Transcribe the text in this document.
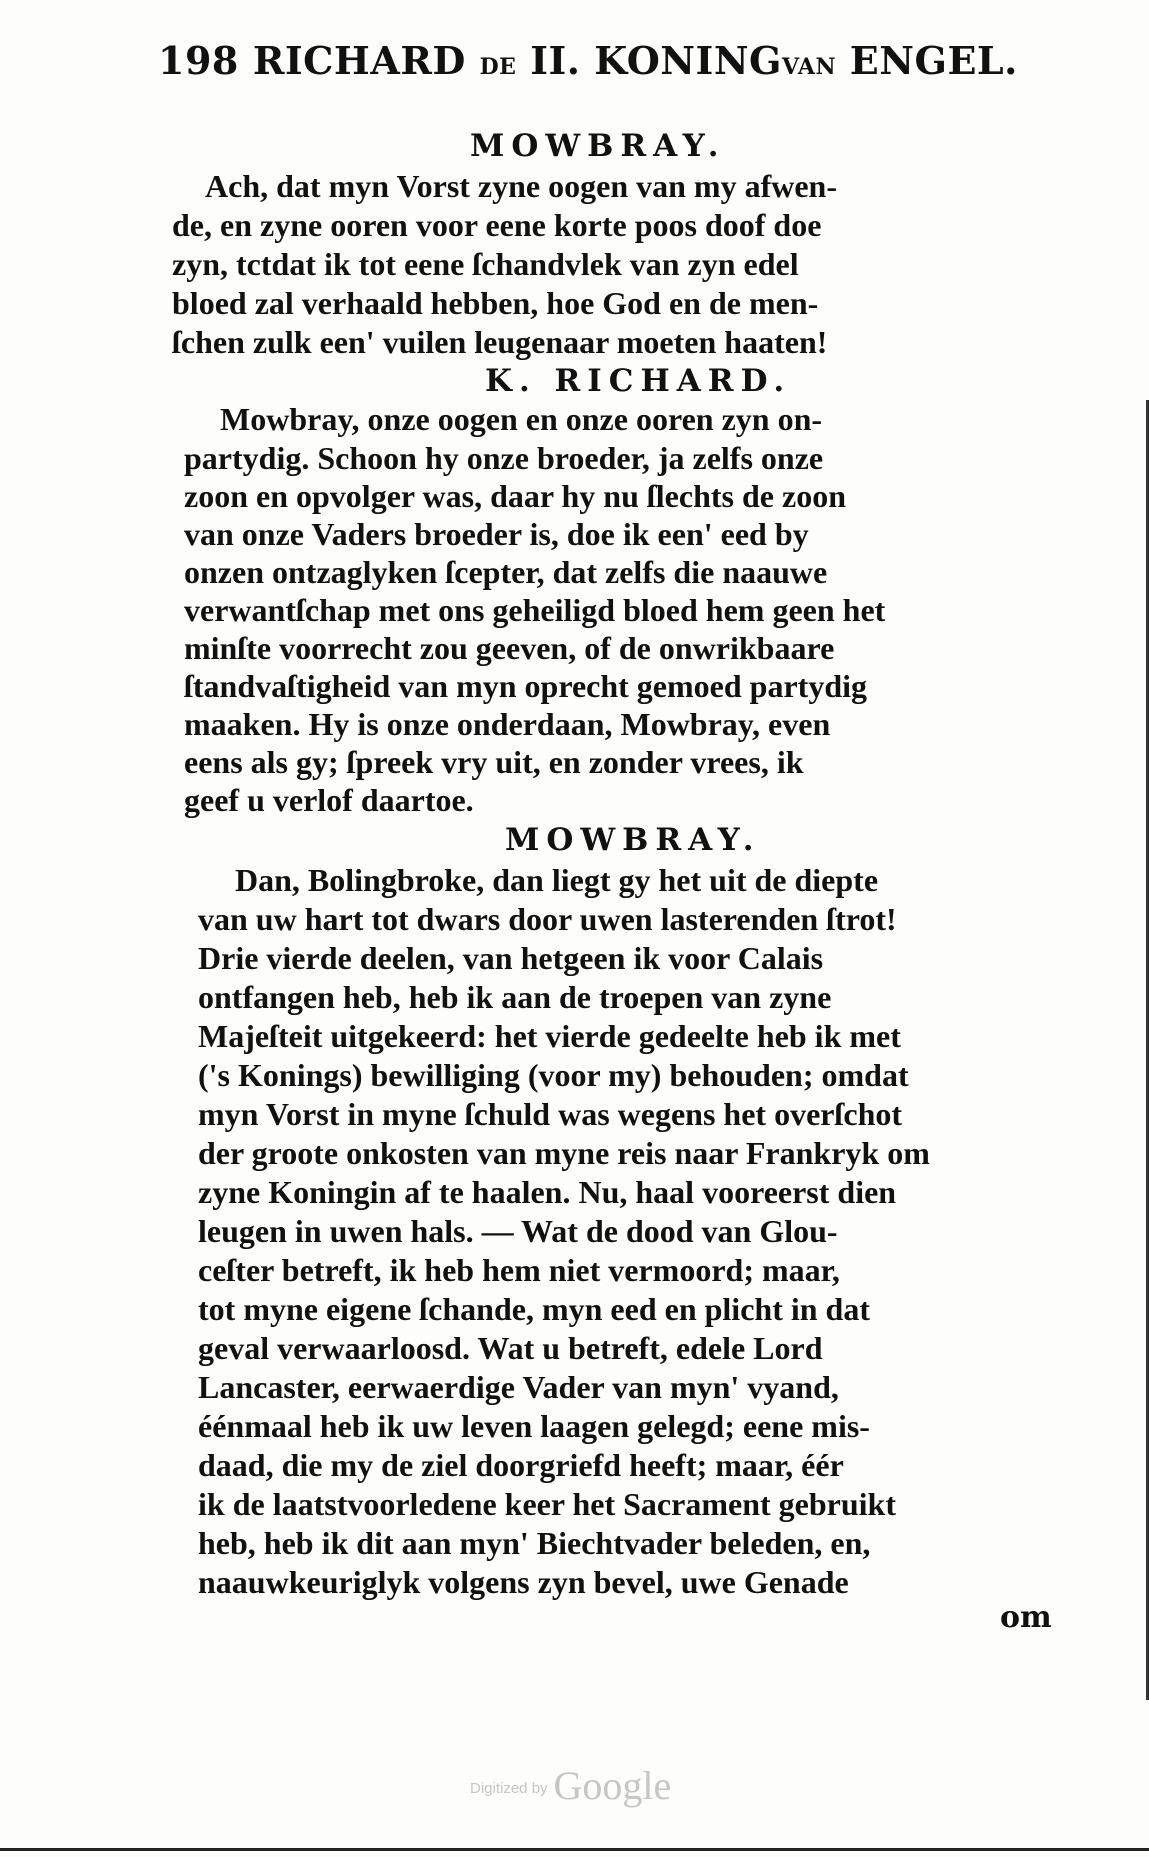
198 RICHARD DE II. KONINGVAN ENGEL.
MOWBRAY.
Ach, dat myn Vorst zyne oogen van my afwen-
de, en zyne ooren voor eene korte poos doof doe
zyn, tctdat ik tot eene ſchandvlek van zyn edel
bloed zal verhaald hebben, hoe God en de men-
ſchen zulk een' vuilen leugenaar moeten haaten!
K. RICHARD.
Mowbray, onze oogen en onze ooren zyn on-
partydig. Schoon hy onze broeder, ja zelfs onze
zoon en opvolger was, daar hy nu ſlechts de zoon
van onze Vaders broeder is, doe ik een' eed by
onzen ontzaglyken ſcepter, dat zelfs die naauwe
verwantſchap met ons geheiligd bloed hem geen het
minſte voorrecht zou geeven, of de onwrikbaare
ſtandvaſtigheid van myn oprecht gemoed partydig
maaken. Hy is onze onderdaan, Mowbray, even
eens als gy; ſpreek vry uit, en zonder vrees, ik
geef u verlof daartoe.
MOWBRAY.
Dan, Bolingbroke, dan liegt gy het uit de diepte
van uw hart tot dwars door uwen lasterenden ſtrot!
Drie vierde deelen, van hetgeen ik voor Calais
ontfangen heb, heb ik aan de troepen van zyne
Majeſteit uitgekeerd: het vierde gedeelte heb ik met
('s Konings) bewilliging (voor my) behouden; omdat
myn Vorst in myne ſchuld was wegens het overſchot
der groote onkosten van myne reis naar Frankryk om
zyne Koningin af te haalen. Nu, haal vooreerst dien
leugen in uwen hals. — Wat de dood van Glou-
ceſter betreft, ik heb hem niet vermoord; maar,
tot myne eigene ſchande, myn eed en plicht in dat
geval verwaarloosd. Wat u betreft, edele Lord
Lancaster, eerwaerdige Vader van myn' vyand,
éénmaal heb ik uw leven laagen gelegd; eene mis-
daad, die my de ziel doorgriefd heeft; maar, éér
ik de laatstvoorledene keer het Sacrament gebruikt
heb, heb ik dit aan myn' Biechtvader beleden, en,
naauwkeuriglyk volgens zyn bevel, uwe Genade
om
Digitized by Google
